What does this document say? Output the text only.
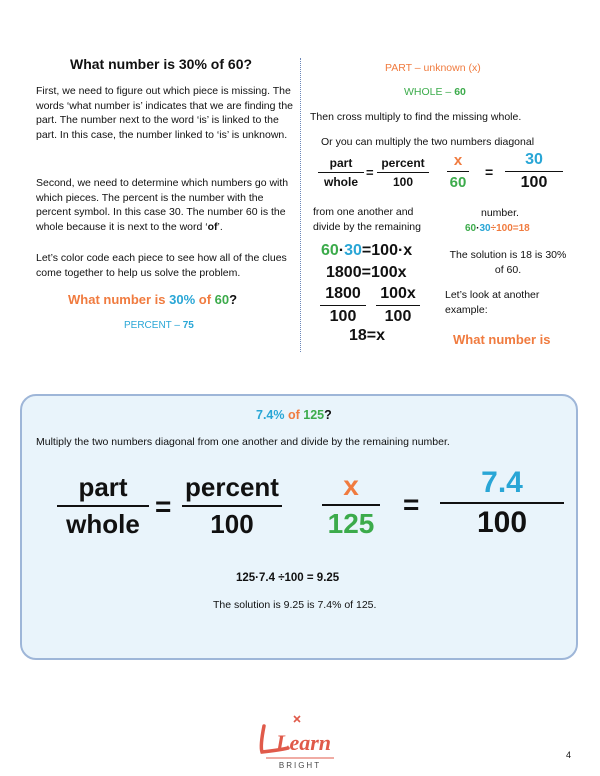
What number is 30% of 60?
First, we need to figure out which piece is missing. The words ‘what number is’ indicates that we are finding the part. The number next to the word ‘is’ is linked to the part. In this case, the number linked to ‘is’ is unknown.
Second, we need to determine which numbers go with which pieces. The percent is the number with the percent symbol. In this case 30. The number 60 is the whole because it is next to the word ‘of’.
Let’s color code each piece to see how all of the clues come together to help us solve the problem.
What number is 30% of 60?
PERCENT – 75
PART – unknown (x)
WHOLE – 60
Then cross multiply to find the missing whole.
Or you can multiply the two numbers diagonal
part
whole
=
percent
100
x
60
=
30
100
from one another and divide by the remaining
number.
60·30÷100=18
60·30=100·x
1800=100x
1800
100
100x
100
18=x
The solution is 18 is 30% of 60.
Let’s look at another example:
What number is
7.4% of 125?
Multiply the two numbers diagonal from one another and divide by the remaining number.
part
whole
=
percent
100
x
125
=
7.4
100
125·7.4 ÷100 = 9.25
The solution is 9.25 is 7.4% of 125.
Learn
BRIGHT
4
